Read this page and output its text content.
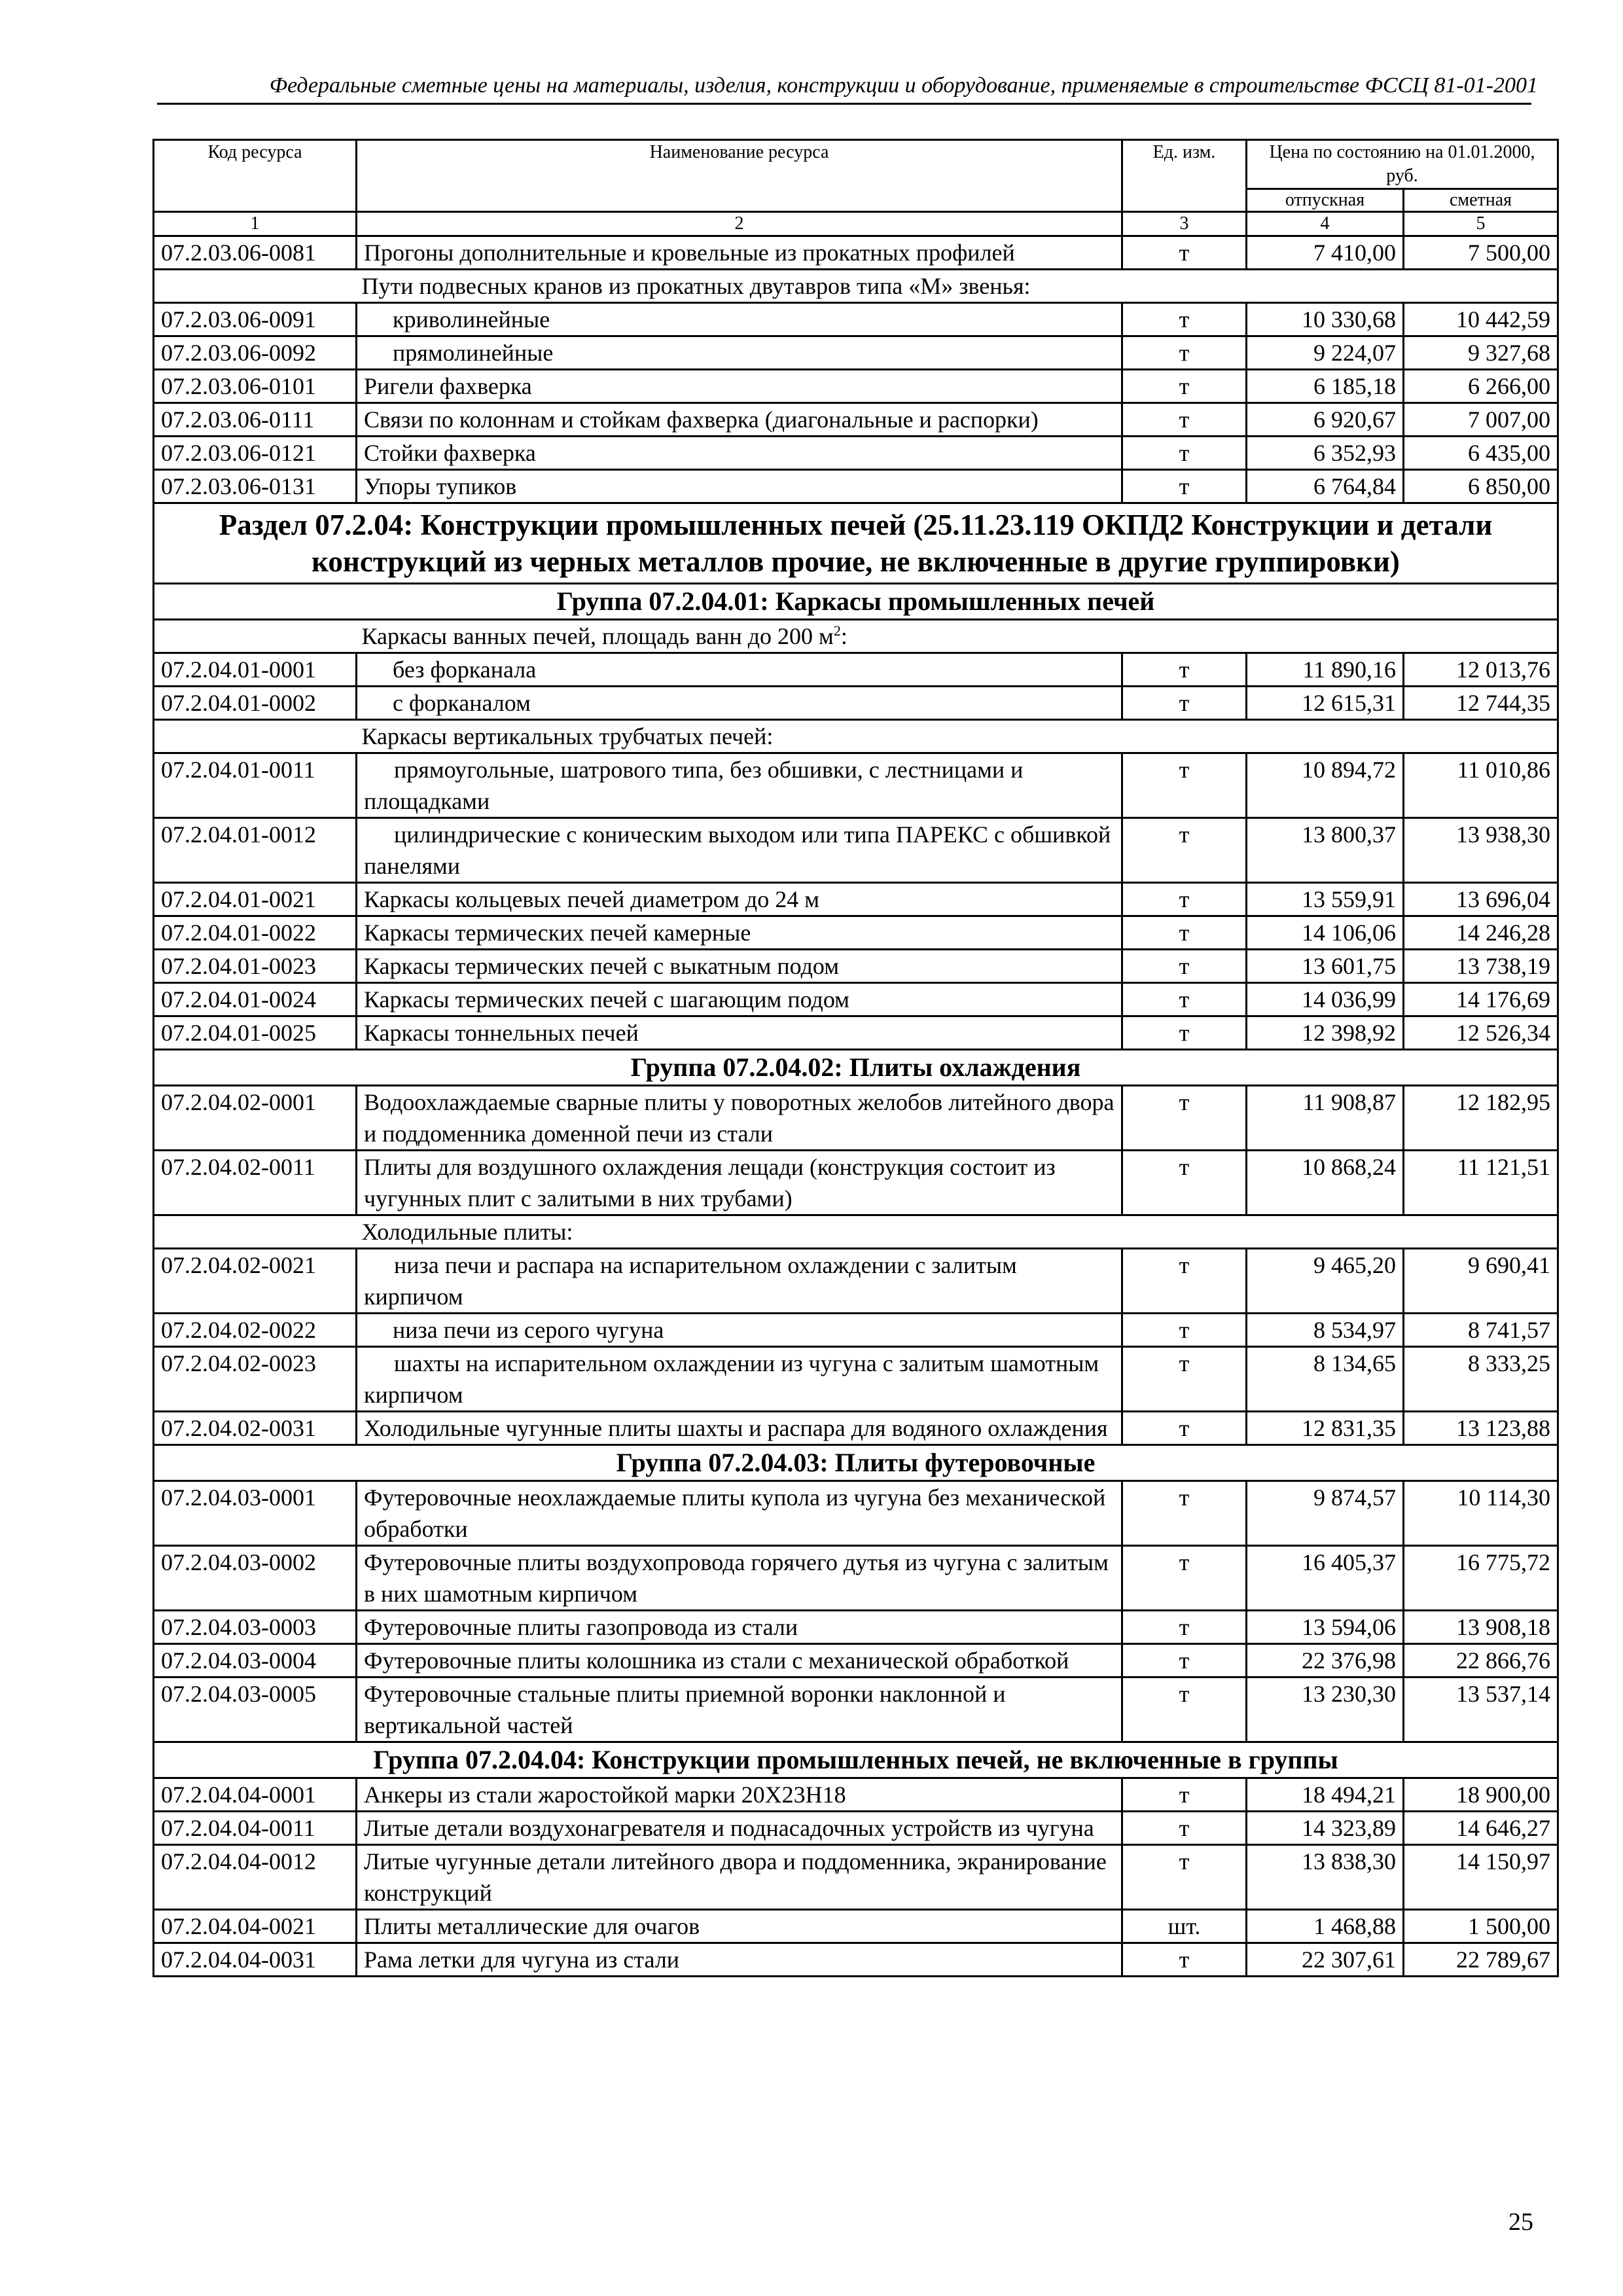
Федеральные сметные цены на материалы, изделия, конструкции и оборудование, применяемые в строительстве ФССЦ 81-01-2001
Код ресурса	Наименование ресурса	Ед. изм.	Цена по состоянию на 01.01.2000, руб.	
			отпускная	сметная
1	2	3	4	5
07.2.03.06-0081	Прогоны дополнительные и кровельные из прокатных профилей	т	7 410,00	7 500,00
	Пути подвесных кранов из прокатных двутавров типа «М» звенья:			
07.2.03.06-0091	криволинейные	т	10 330,68	10 442,59
07.2.03.06-0092	прямолинейные	т	9 224,07	9 327,68
07.2.03.06-0101	Ригели фахверка	т	6 185,18	6 266,00
07.2.03.06-0111	Связи по колоннам и стойкам фахверка (диагональные и распорки)	т	6 920,67	7 007,00
07.2.03.06-0121	Стойки фахверка	т	6 352,93	6 435,00
07.2.03.06-0131	Упоры тупиков	т	6 764,84	6 850,00
Раздел 07.2.04: Конструкции промышленных печей (25.11.23.119 ОКПД2 Конструкции и детали конструкций из черных металлов прочие, не включенные в другие группировки)				
Группа 07.2.04.01: Каркасы промышленных печей				
	Каркасы ванных печей, площадь ванн до 200 $м^2$:			
07.2.04.01-0001	без форканала	т	11 890,16	12 013,76
07.2.04.01-0002	с форканалом	т	12 615,31	12 744,35
	Каркасы вертикальных трубчатых печей:			
07.2.04.01-0011	прямоугольные, шатрового типа, без обшивки, с лестницами и площадками	т	10 894,72	11 010,86
07.2.04.01-0012	цилиндрические с коническим выходом или типа ПАРЕКС с обшивкой панелями	т	13 800,37	13 938,30
07.2.04.01-0021	Каркасы кольцевых печей диаметром до 24 м	т	13 559,91	13 696,04
07.2.04.01-0022	Каркасы термических печей камерные	т	14 106,06	14 246,28
07.2.04.01-0023	Каркасы термических печей с выкатным подом	т	13 601,75	13 738,19
07.2.04.01-0024	Каркасы термических печей с шагающим подом	т	14 036,99	14 176,69
07.2.04.01-0025	Каркасы тоннельных печей	т	12 398,92	12 526,34
Группа 07.2.04.02: Плиты охлаждения				
07.2.04.02-0001	Водоохлаждаемые сварные плиты у поворотных желобов литейного двора и поддоменника доменной печи из стали	т	11 908,87	12 182,95
07.2.04.02-0011	Плиты для воздушного охлаждения лещади (конструкция состоит из чугунных плит с залитыми в них трубами)	т	10 868,24	11 121,51
	Холодильные плиты:			
07.2.04.02-0021	низа печи и распара на испарительном охлаждении с залитым кирпичом	т	9 465,20	9 690,41
07.2.04.02-0022	низа печи из серого чугуна	т	8 534,97	8 741,57
07.2.04.02-0023	шахты на испарительном охлаждении из чугуна с залитым шамотным кирпичом	т	8 134,65	8 333,25
07.2.04.02-0031	Холодильные чугунные плиты шахты и распара для водяного охлаждения	т	12 831,35	13 123,88
Группа 07.2.04.03: Плиты футеровочные				
07.2.04.03-0001	Футеровочные неохлаждаемые плиты купола из чугуна без механической обработки	т	9 874,57	10 114,30
07.2.04.03-0002	Футеровочные плиты воздухопровода горячего дутья из чугуна с залитым в них шамотным кирпичом	т	16 405,37	16 775,72
07.2.04.03-0003	Футеровочные плиты газопровода из стали	т	13 594,06	13 908,18
07.2.04.03-0004	Футеровочные плиты колошника из стали с механической обработкой	т	22 376,98	22 866,76
07.2.04.03-0005	Футеровочные стальные плиты приемной воронки наклонной и вертикальной частей	т	13 230,30	13 537,14
Группа 07.2.04.04: Конструкции промышленных печей, не включенные в группы				
07.2.04.04-0001	Анкеры из стали жаростойкой марки 20Х23Н18	т	18 494,21	18 900,00
07.2.04.04-0011	Литые детали воздухонагревателя и поднасадочных устройств из чугуна	т	14 323,89	14 646,27
07.2.04.04-0012	Литые чугунные детали литейного двора и поддоменника, экранирование конструкций	т	13 838,30	14 150,97
07.2.04.04-0021	Плиты металлические для очагов	шт.	1 468,88	1 500,00
07.2.04.04-0031	Рама летки для чугуна из стали	т	22 307,61	22 789,67
25
